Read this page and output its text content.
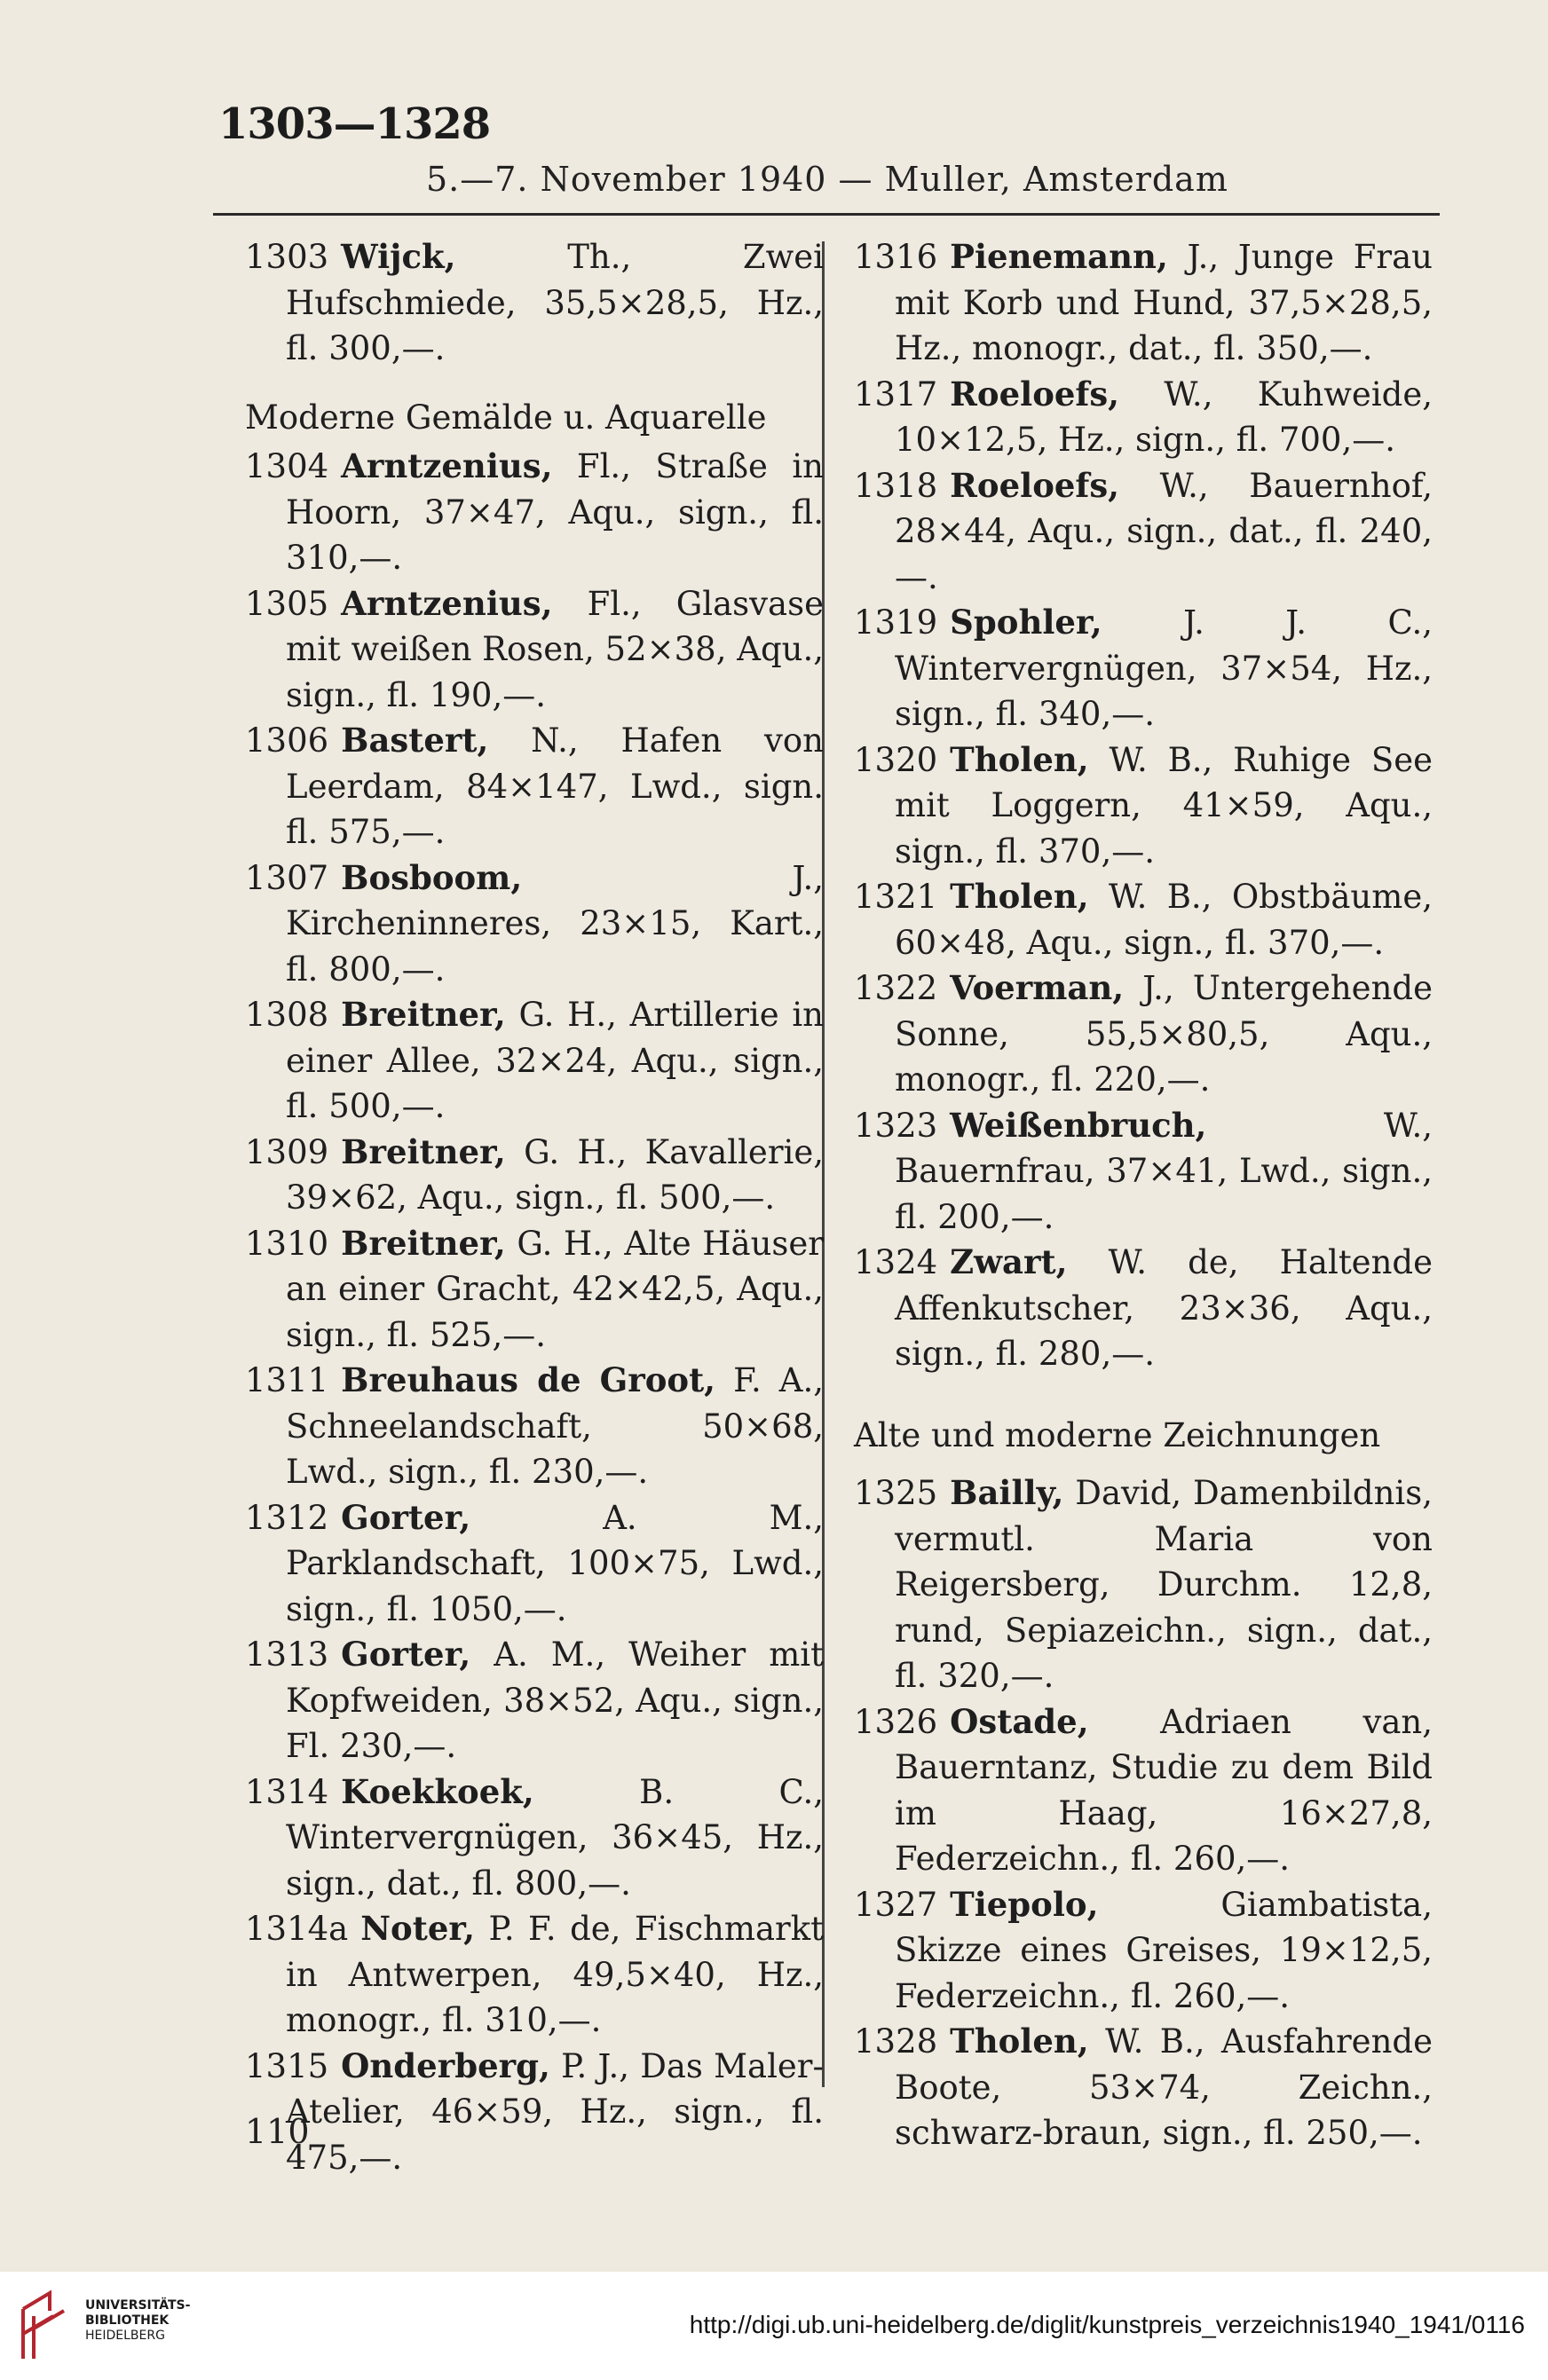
1303—1328
5.—7. November 1940 — Muller, Amsterdam

1303 Wijck,	Th., Zwei Hufschmiede, 35,5×28,5, Hz., fl. 300,—.

Moderne Gemälde u. Aquarelle

1304 Arntzenius, Fl., Straße in Hoorn, 37×47, Aqu., sign., fl. 310,—.

1305 Arntzenius, Fl., Glasvase mit weißen Rosen, 52×38, Aqu., sign., fl. 190,—.

1306 Bastert, N., Hafen von Leerdam, 84×147, Lwd., sign. fl. 575,—.

1307 Bosboom,	J., Kircheninneres, 23×15, Kart., fl. 800,—.

1308 Breitner, G. H., Artillerie in einer Allee, 32×24, Aqu., sign., fl. 500,—.

1309 Breitner, G. H., Kavallerie, 39×62, Aqu., sign., fl. 500,—.

1310 Breitner, G. H., Alte Häuser an einer Gracht, 42×42,5, Aqu., sign., fl. 525,—.

1311 Breuhaus de Groot, F. A., Schneelandschaft, 50×68, Lwd., sign., fl. 230,—.

1312 Gorter,	A. M., Parklandschaft, 100×75, Lwd., sign., fl. 1050,—.

1313 Gorter, A. M., Weiher mit Kopfweiden, 38×52, Aqu., sign., Fl. 230,—.

1314 Koekkoek,	B. C., Wintervergnügen, 36×45, Hz., sign., dat., fl. 800,—.

1314a Noter, P. F. de, Fischmarkt in Antwerpen, 49,5×40, Hz., monogr., fl. 310,—.

1315 Onderberg, P. J., Das Maler-Atelier, 46×59, Hz., sign., fl. 475,—.

1316 Pienemann, J., Junge Frau mit Korb und Hund, 37,5×28,5, Hz., monogr., dat., fl. 350,—.

1317 Roeloefs, W., Kuhweide, 10×12,5, Hz., sign., fl. 700,—.

1318 Roeloefs, W., Bauernhof, 28×44, Aqu., sign., dat., fl. 240,—.

1319 Spohler, J. J. C., Wintervergnügen, 37×54, Hz., sign., fl. 340,—.

1320 Tholen, W. B., Ruhige See mit Loggern, 41×59, Aqu., sign., fl. 370,—.

1321 Tholen, W. B., Obstbäume, 60×48, Aqu., sign., fl. 370,—.

1322 Voerman, J., Untergehende Sonne, 55,5×80,5, Aqu., monogr., fl. 220,—.

1323 Weißenbruch,	W., Bauernfrau, 37×41, Lwd., sign., fl. 200,—.

1324 Zwart, W. de, Haltende Affenkutscher, 23×36, Aqu., sign., fl. 280,—.

Alte und moderne Zeichnungen

1325 Bailly, David, Damenbildnis, vermutl. Maria von Reigersberg, Durchm. 12,8, rund, Sepiazeichn., sign., dat., fl. 320,—.

1326 Ostade, Adriaen van, Bauerntanz, Studie zu dem Bild im Haag, 16×27,8, Federzeichn., fl. 260,—.

1327 Tiepolo,	Giambatista, Skizze eines Greises, 19×12,5, Federzeichn., fl. 260,—.

1328 Tholen, W. B., Ausfahrende Boote, 53×74, Zeichn., schwarz-braun, sign., fl. 250,—.

110
UNIVERSITÄTS-
BIBLIOTHEK
HEIDELBERG	http://digi.ub.uni-heidelberg.de/diglit/kunstpreis_verzeichnis1940_1941/0116
